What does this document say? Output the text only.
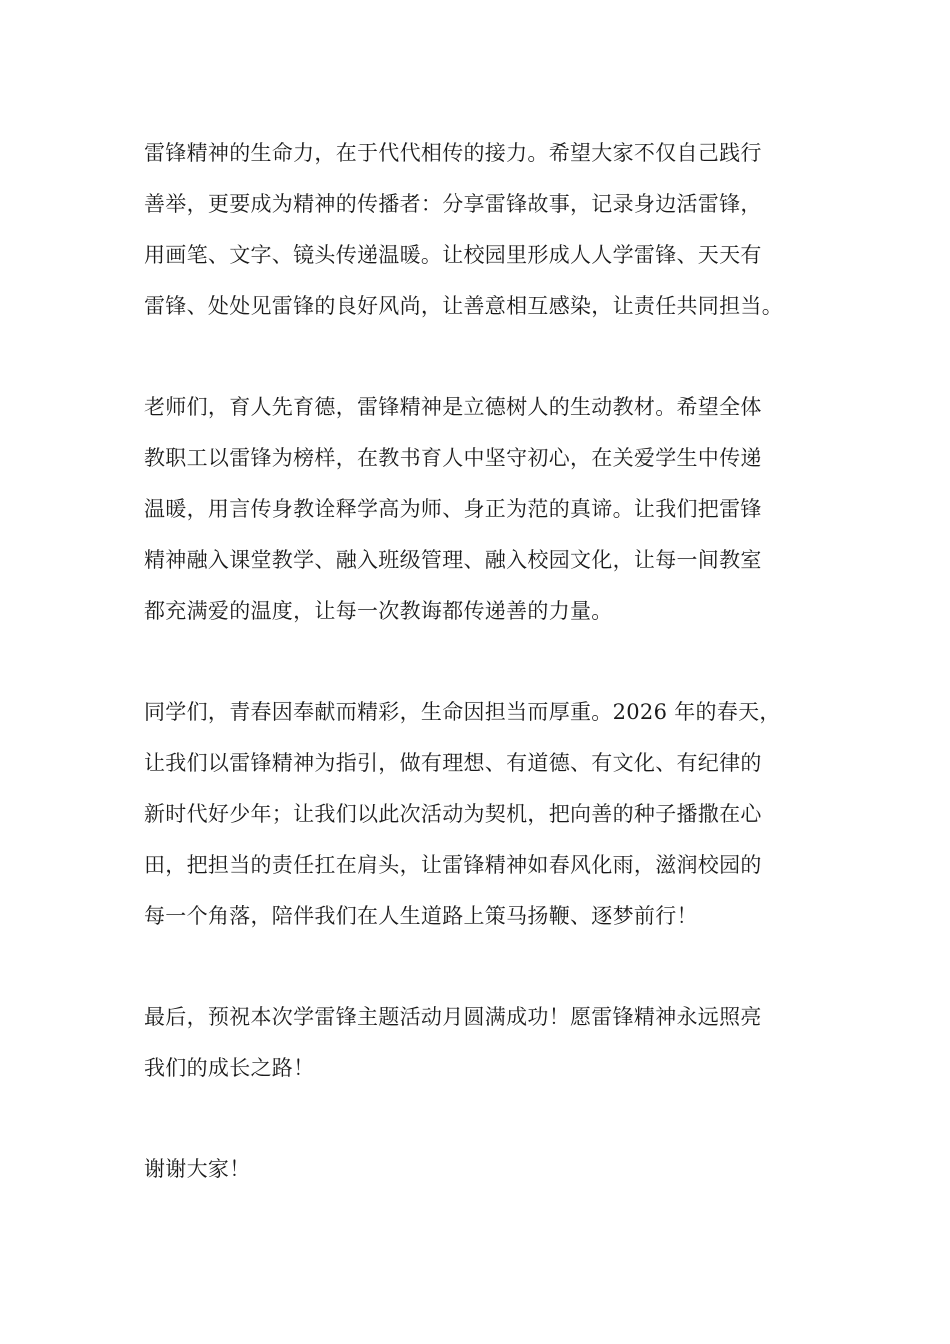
雷锋精神的生命力，在于代代相传的接力。希望大家不仅自己践行
善举，更要成为精神的传播者：分享雷锋故事，记录身边活雷锋，
用画笔、文字、镜头传递温暖。让校园里形成人人学雷锋、天天有
雷锋、处处见雷锋的良好风尚，让善意相互感染，让责任共同担当。

老师们，育人先育德，雷锋精神是立德树人的生动教材。希望全体
教职工以雷锋为榜样，在教书育人中坚守初心，在关爱学生中传递
温暖，用言传身教诠释学高为师、身正为范的真谛。让我们把雷锋
精神融入课堂教学、融入班级管理、融入校园文化，让每一间教室
都充满爱的温度，让每一次教诲都传递善的力量。

同学们，青春因奉献而精彩，生命因担当而厚重。2026 年的春天，
让我们以雷锋精神为指引，做有理想、有道德、有文化、有纪律的
新时代好少年；让我们以此次活动为契机，把向善的种子播撒在心
田，把担当的责任扛在肩头，让雷锋精神如春风化雨，滋润校园的
每一个角落，陪伴我们在人生道路上策马扬鞭、逐梦前行！

最后，预祝本次学雷锋主题活动月圆满成功！愿雷锋精神永远照亮
我们的成长之路！

谢谢大家！
